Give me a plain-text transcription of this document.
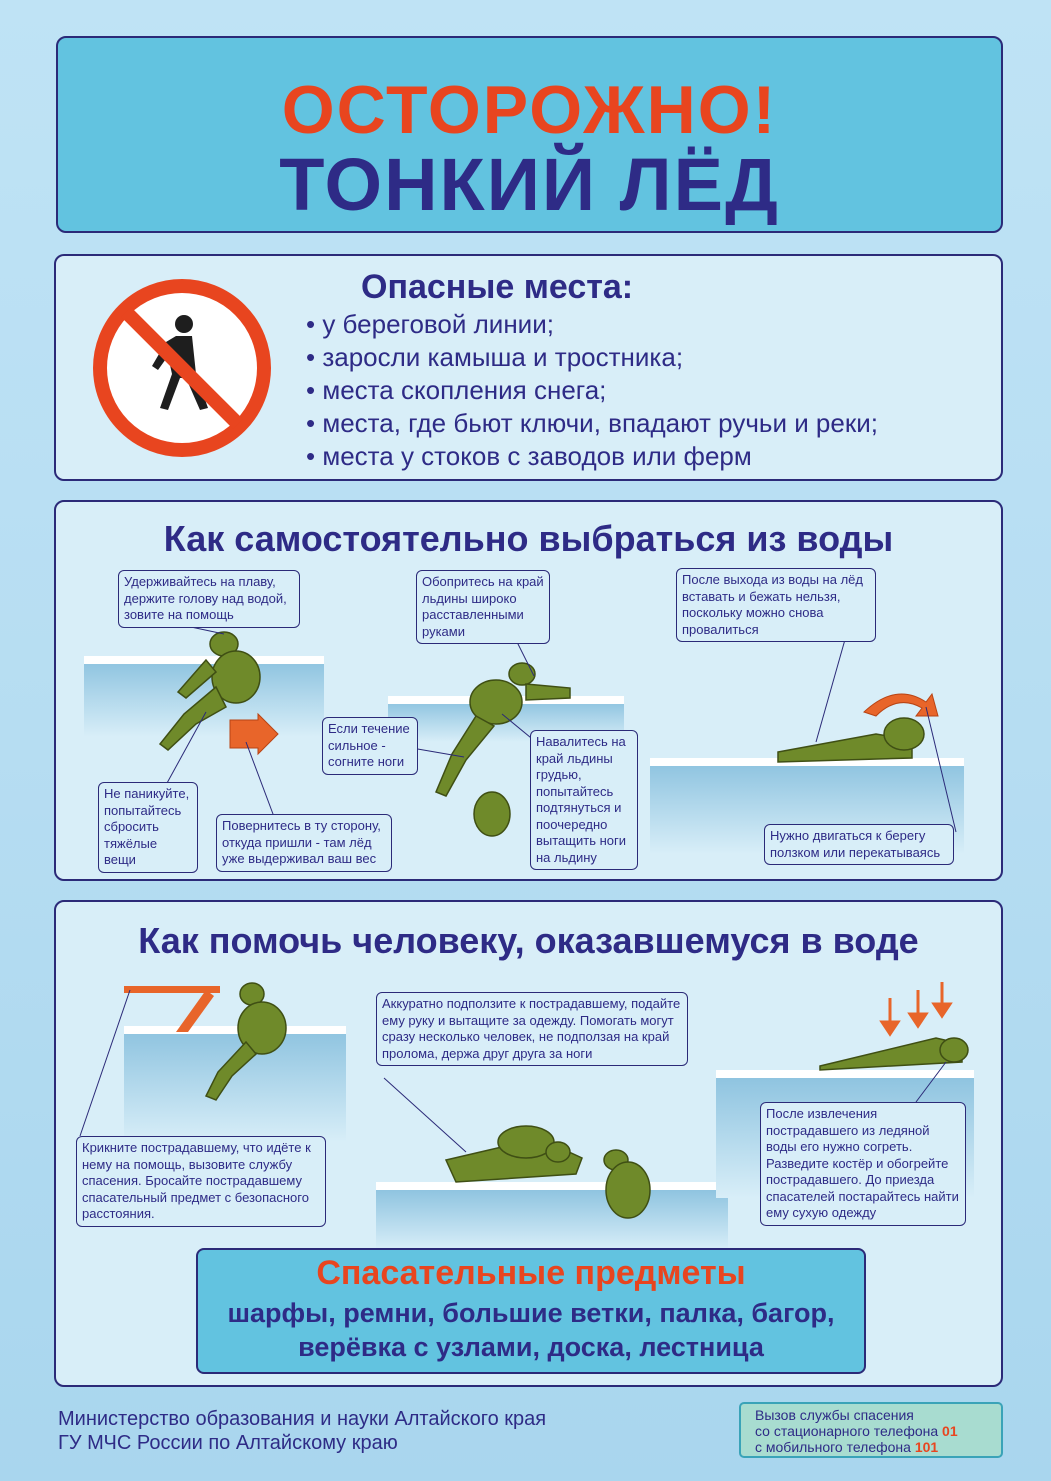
ОСТОРОЖНО!
ТОНКИЙ ЛЁД
Опасные места:
• у береговой линии;
• заросли камыша и тростника;
• места скопления снега;
• места, где бьют ключи, впадают ручьи и реки;
• места у стоков с заводов или ферм
Как самостоятельно выбраться из воды
Удерживайтесь на плаву, держите голову над водой, зовите на помощь
Не паникуйте, попытайтесь сбросить тяжёлые вещи
Повернитесь в ту сторону, откуда пришли - там лёд уже выдерживал ваш вес
Обопритесь на край льдины широко расставленными руками
Если течение сильное - согните ноги
Навалитесь на край льдины грудью, попытайтесь подтянуться и поочередно вытащить ноги на льдину
После выхода из воды на лёд вставать и бежать нельзя, поскольку можно снова провалиться
Нужно двигаться к берегу ползком или перекатываясь
Как помочь человеку, оказавшемуся в воде
Крикните пострадавшему, что идёте к нему на помощь, вызовите службу спасения. Бросайте пострадавшему спасательный предмет с безопасного расстояния.
Аккуратно подползите к пострадавшему, подайте ему руку и вытащите за одежду. Помогать могут сразу несколько человек, не подползая на край пролома, держа друг друга за ноги
После извлечения пострадавшего из ледяной воды его нужно согреть. Разведите костёр и обогрейте пострадавшего. До приезда спасателей постарайтесь найти ему сухую одежду
Спасательные предметы
шарфы, ремни, большие ветки, палка, багор,
верёвка с узлами, доска, лестница
Министерство образования и науки Алтайского края
ГУ МЧС России по Алтайскому краю
Вызов службы спасения
со стационарного телефона 01
с мобильного телефона 101
